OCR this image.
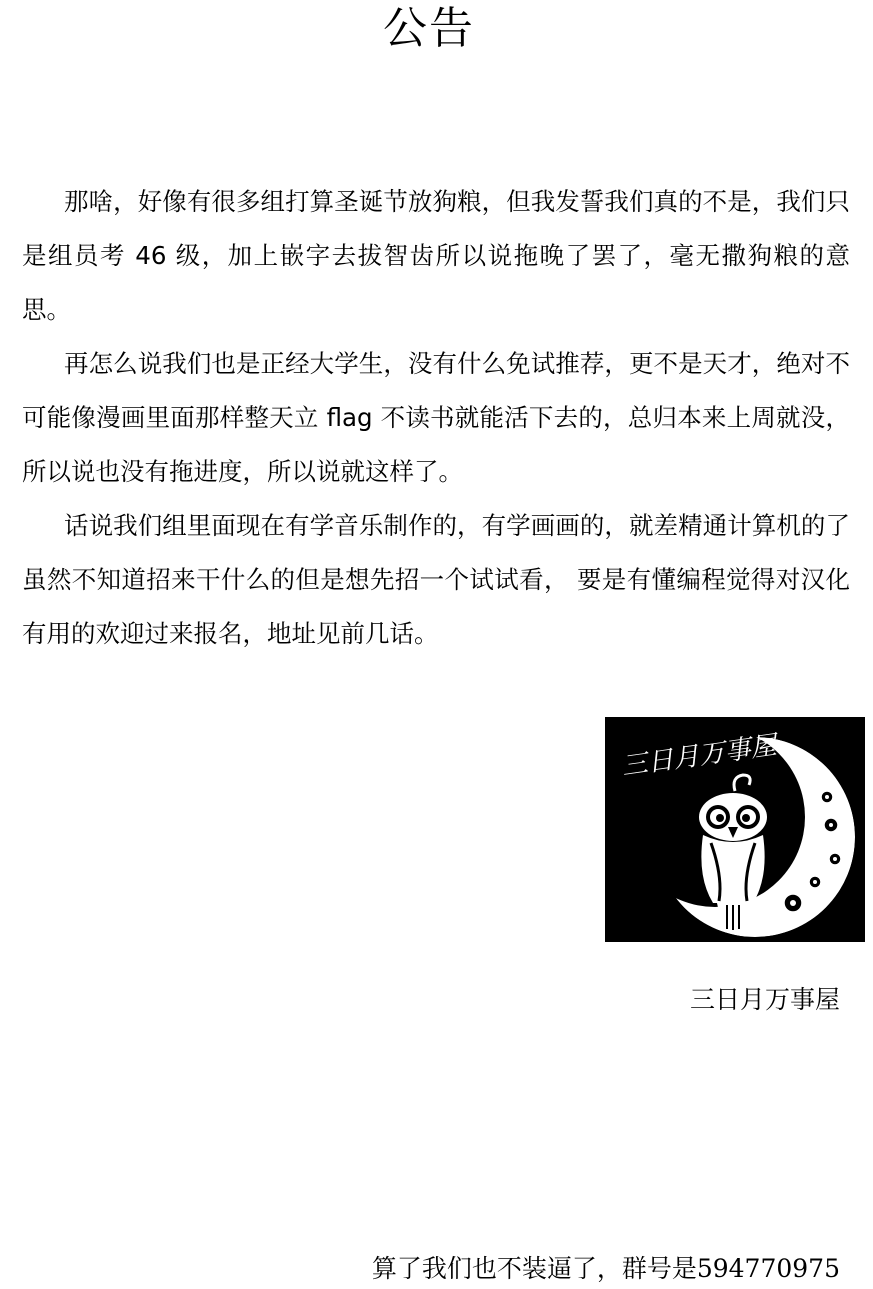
公告

那啥，好像有很多组打算圣诞节放狗粮，但我发誓我们真的不是，我们只是组员考 46 级，加上嵌字去拔智齿所以说拖晚了罢了，毫无撒狗粮的意思。

再怎么说我们也是正经大学生，没有什么免试推荐，更不是天才，绝对不可能像漫画里面那样整天立 flag 不读书就能活下去的，总归本来上周就没，所以说也没有拖进度，所以说就这样了。

话说我们组里面现在有学音乐制作的，有学画画的，就差精通计算机的了虽然不知道招来干什么的但是想先招一个试试看， 要是有懂编程觉得对汉化有用的欢迎过来报名，地址见前几话。

三日月万事屋
三日月万事屋
算了我们也不装逼了，群号是594770975
